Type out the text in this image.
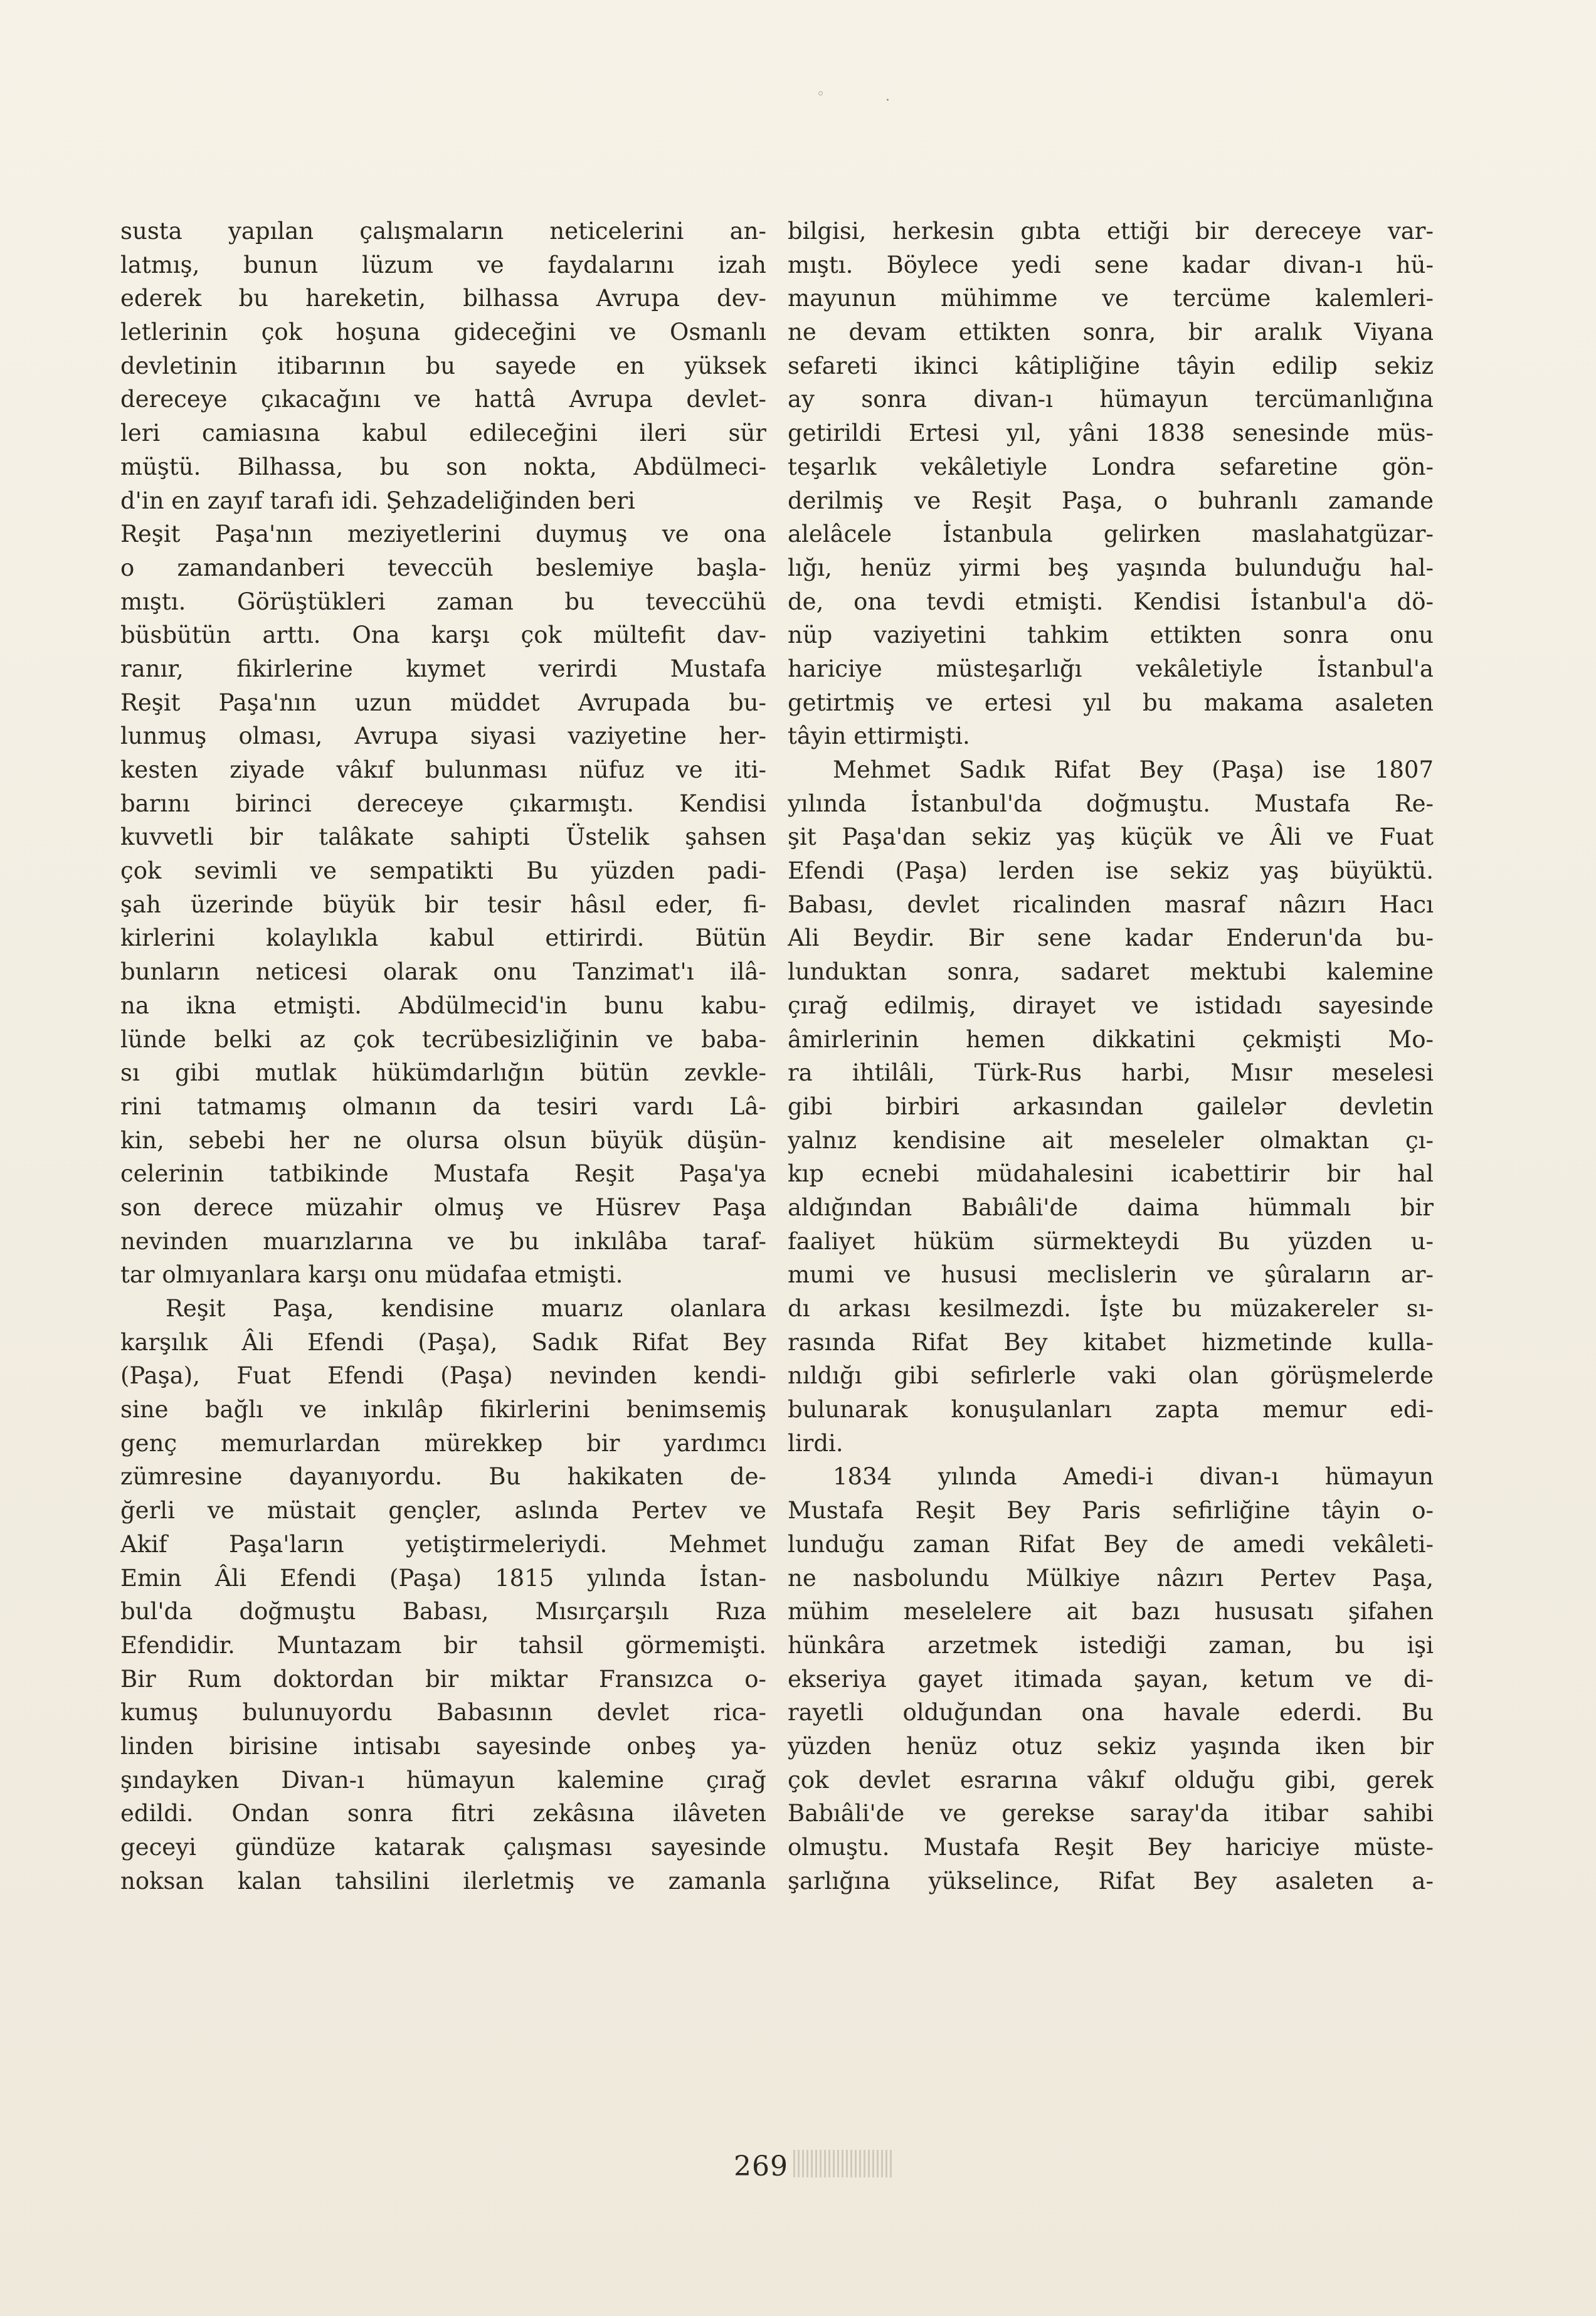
◦	·
susta yapılan çalışmaların neticelerini an-
latmış, bunun lüzum ve faydalarını izah
ederek bu hareketin, bilhassa Avrupa dev-
letlerinin çok hoşuna gideceğini ve Osmanlı
devletinin itibarının bu sayede en yüksek
dereceye çıkacağını ve hattâ Avrupa devlet-
leri camiasına kabul edileceğini ileri sür
müştü. Bilhassa, bu son nokta, Abdülmeci-
d'in en zayıf tarafı idi. Şehzadeliğinden beri
Reşit Paşa'nın meziyetlerini duymuş ve ona
o zamandanberi teveccüh beslemiye başla-
mıştı. Görüştükleri zaman bu teveccühü
büsbütün arttı. Ona karşı çok mültefit dav-
ranır, fikirlerine kıymet verirdi Mustafa
Reşit Paşa'nın uzun müddet Avrupada bu-
lunmuş olması, Avrupa siyasi vaziyetine her-
kesten ziyade vâkıf bulunması nüfuz ve iti-
barını birinci dereceye çıkarmıştı. Kendisi
kuvvetli bir talâkate sahipti Üstelik şahsen
çok sevimli ve sempatikti Bu yüzden padi-
şah üzerinde büyük bir tesir hâsıl eder, fi-
kirlerini kolaylıkla kabul ettirirdi. Bütün
bunların neticesi olarak onu Tanzimat'ı ilâ-
na ikna etmişti. Abdülmecid'in bunu kabu-
lünde belki az çok tecrübesizliğinin ve baba-
sı gibi mutlak hükümdarlığın bütün zevkle-
rini tatmamış olmanın da tesiri vardı Lâ-
kin, sebebi her ne olursa olsun büyük düşün-
celerinin tatbikinde Mustafa Reşit Paşa'ya
son derece müzahir olmuş ve Hüsrev Paşa
nevinden muarızlarına ve bu inkılâba taraf-
tar olmıyanlara karşı onu müdafaa etmişti.
Reşit Paşa, kendisine muarız olanlara
karşılık Âli Efendi (Paşa), Sadık Rifat Bey
(Paşa), Fuat Efendi (Paşa) nevinden kendi-
sine bağlı ve inkılâp fikirlerini benimsemiş
genç memurlardan mürekkep bir yardımcı
zümresine dayanıyordu. Bu hakikaten de-
ğerli ve müstait gençler, aslında Pertev ve
Akif Paşa'ların yetiştirmeleriydi. Mehmet
Emin Âli Efendi (Paşa) 1815 yılında İstan-
bul'da doğmuştu Babası, Mısırçarşılı Rıza
Efendidir. Muntazam bir tahsil görmemişti.
Bir Rum doktordan bir miktar Fransızca o-
kumuş bulunuyordu Babasının devlet rica-
linden birisine intisabı sayesinde onbeş ya-
şındayken Divan-ı hümayun kalemine çırağ
edildi. Ondan sonra fitri zekâsına ilâveten
geceyi gündüze katarak çalışması sayesinde
noksan kalan tahsilini ilerletmiş ve zamanla
bilgisi, herkesin gıbta ettiği bir dereceye var-
mıştı. Böylece yedi sene kadar divan-ı hü-
mayunun mühimme ve tercüme kalemleri-
ne devam ettikten sonra, bir aralık Viyana
sefareti ikinci kâtipliğine tâyin edilip sekiz
ay sonra divan-ı hümayun tercümanlığına
getirildi Ertesi yıl, yâni 1838 senesinde müs-
teşarlık vekâletiyle Londra sefaretine gön-
derilmiş ve Reşit Paşa, o buhranlı zamande
alelâcele İstanbula gelirken maslahatgüzar-
lığı, henüz yirmi beş yaşında bulunduğu hal-
de, ona tevdi etmişti. Kendisi İstanbul'a dö-
nüp vaziyetini tahkim ettikten sonra onu
hariciye müsteşarlığı vekâletiyle İstanbul'a
getirtmiş ve ertesi yıl bu makama asaleten
tâyin ettirmişti.
Mehmet Sadık Rifat Bey (Paşa) ise 1807
yılında İstanbul'da doğmuştu. Mustafa Re-
şit Paşa'dan sekiz yaş küçük ve Âli ve Fuat
Efendi (Paşa) lerden ise sekiz yaş büyüktü.
Babası, devlet ricalinden masraf nâzırı Hacı
Ali Beydir. Bir sene kadar Enderun'da bu-
lunduktan sonra, sadaret mektubi kalemine
çırağ edilmiş, dirayet ve istidadı sayesinde
âmirlerinin hemen dikkatini çekmişti Mo-
ra ihtilâli, Türk-Rus harbi, Mısır meselesi
gibi birbiri arkasından gailelər devletin
yalnız kendisine ait meseleler olmaktan çı-
kıp ecnebi müdahalesini icabettirir bir hal
aldığından Babıâli'de daima hümmalı bir
faaliyet hüküm sürmekteydi Bu yüzden u-
mumi ve hususi meclislerin ve şûraların ar-
dı arkası kesilmezdi. İşte bu müzakereler sı-
rasında Rifat Bey kitabet hizmetinde kulla-
nıldığı gibi sefirlerle vaki olan görüşmelerde
bulunarak konuşulanları zapta memur edi-
lirdi.
1834 yılında Amedi-i divan-ı hümayun
Mustafa Reşit Bey Paris sefirliğine tâyin o-
lunduğu zaman Rifat Bey de amedi vekâleti-
ne nasbolundu Mülkiye nâzırı Pertev Paşa,
mühim meselelere ait bazı hususatı şifahen
hünkâra arzetmek istediği zaman, bu işi
ekseriya gayet itimada şayan, ketum ve di-
rayetli olduğundan ona havale ederdi. Bu
yüzden henüz otuz sekiz yaşında iken bir
çok devlet esrarına vâkıf olduğu gibi, gerek
Babıâli'de ve gerekse saray'da itibar sahibi
olmuştu. Mustafa Reşit Bey hariciye müste-
şarlığına yükselince, Rifat Bey asaleten a-
269
